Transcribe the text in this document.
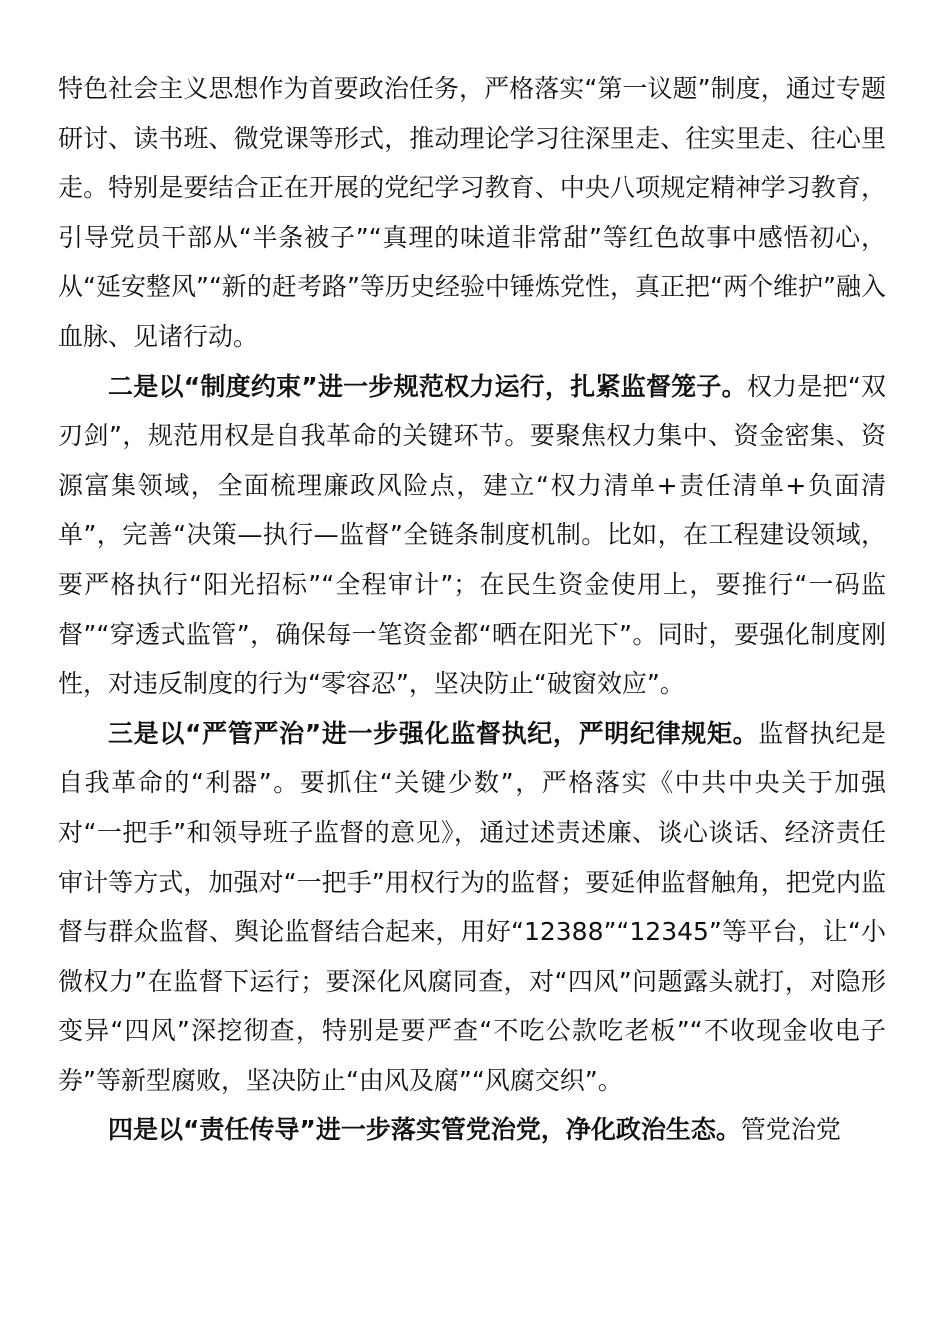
特色社会主义思想作为首要政治任务，严格落实“第一议题”制度，通过专题研讨、读书班、微党课等形式，推动理论学习往深里走、往实里走、往心里走。特别是要结合正在开展的党纪学习教育、中央八项规定精神学习教育，引导党员干部从“半条被子”“真理的味道非常甜”等红色故事中感悟初心，从“延安整风”“新的赶考路”等历史经验中锤炼党性，真正把“两个维护”融入血脉、见诸行动。

二是以“制度约束”进一步规范权力运行，扎紧监督笼子。权力是把“双刃剑”，规范用权是自我革命的关键环节。要聚焦权力集中、资金密集、资源富集领域，全面梳理廉政风险点，建立“权力清单+责任清单+负面清单”，完善“决策—执行—监督”全链条制度机制。比如，在工程建设领域，要严格执行“阳光招标”“全程审计”；在民生资金使用上，要推行“一码监督”“穿透式监管”，确保每一笔资金都“晒在阳光下”。同时，要强化制度刚性，对违反制度的行为“零容忍”，坚决防止“破窗效应”。

三是以“严管严治”进一步强化监督执纪，严明纪律规矩。监督执纪是自我革命的“利器”。要抓住“关键少数”，严格落实《中共中央关于加强对“一把手”和领导班子监督的意见》，通过述责述廉、谈心谈话、经济责任审计等方式，加强对“一把手”用权行为的监督；要延伸监督触角，把党内监督与群众监督、舆论监督结合起来，用好“12388”“12345”等平台，让“小微权力”在监督下运行；要深化风腐同查，对“四风”问题露头就打，对隐形变异“四风”深挖彻查，特别是要严查“不吃公款吃老板”“不收现金收电子券”等新型腐败，坚决防止“由风及腐”“风腐交织”。

四是以“责任传导”进一步落实管党治党，净化政治生态。管党治党
